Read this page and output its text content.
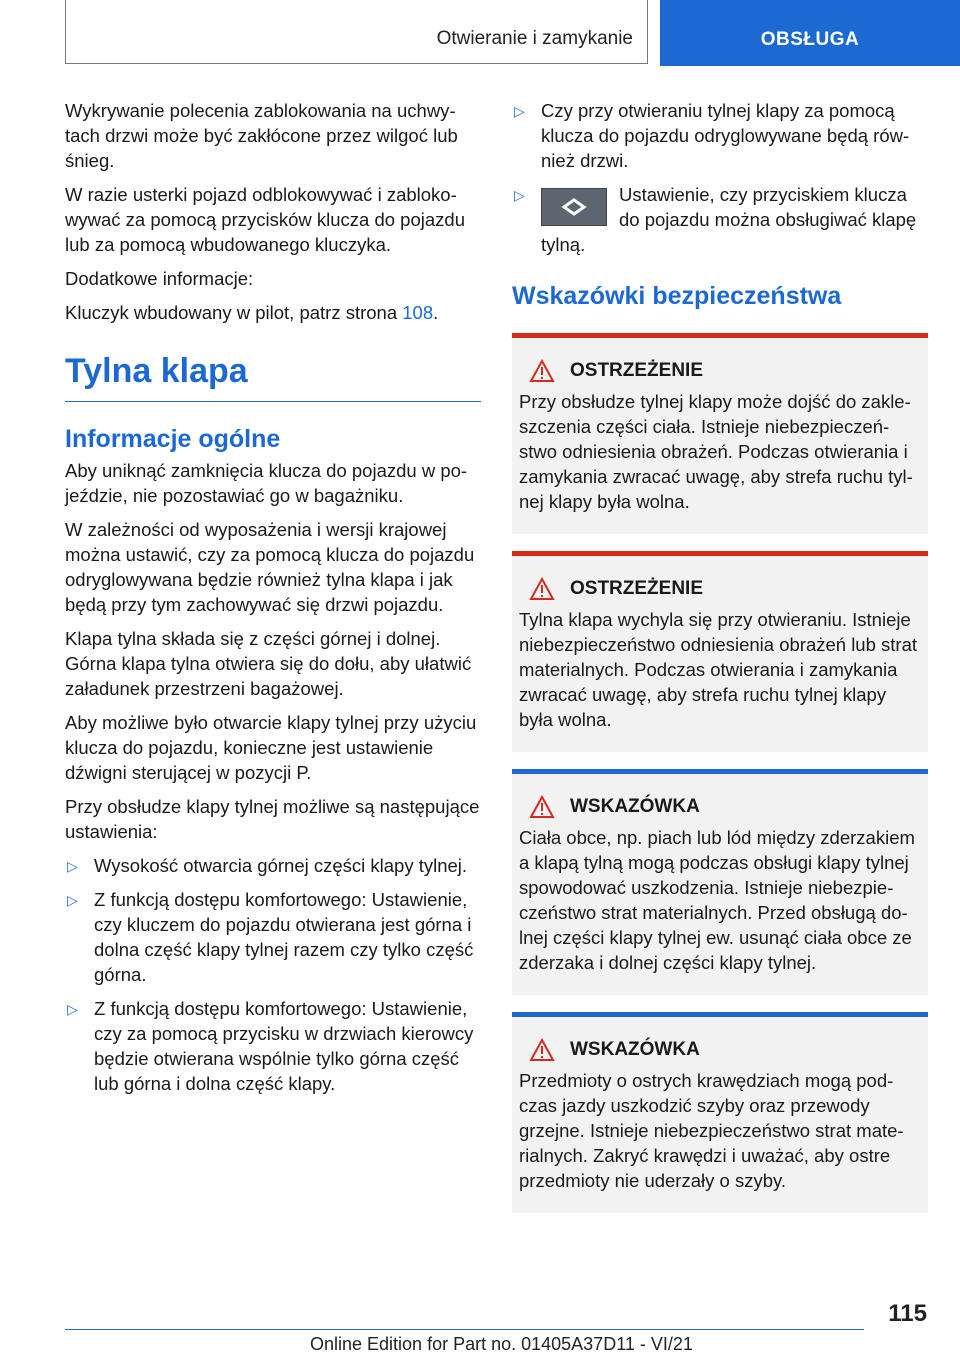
Otwieranie i zamykanie	OBSŁUGA

Wykrywanie polecenia zablokowania na uchwytach drzwi może być zakłócone przez wilgoć lub śnieg.

W razie usterki pojazd odblokowywać i zablokowywać za pomocą przycisków klucza do pojazdu lub za pomocą wbudowanego kluczyka.

Dodatkowe informacje:

Kluczyk wbudowany w pilot, patrz strona 108.

Tylna klapa
Informacje ogólne

Aby uniknąć zamknięcia klucza do pojazdu w pojeździe, nie pozostawiać go w bagażniku.

W zależności od wyposażenia i wersji krajowej można ustawić, czy za pomocą klucza do pojazdu odryglowywana będzie również tylna klapa i jak będą przy tym zachowywać się drzwi pojazdu.

Klapa tylna składa się z części górnej i dolnej. Górna klapa tylna otwiera się do dołu, aby ułatwić załadunek przestrzeni bagażowej.

Aby możliwe było otwarcie klapy tylnej przy użyciu klucza do pojazdu, konieczne jest ustawienie dźwigni sterującej w pozycji P.

Przy obsłudze klapy tylnej możliwe są następujące ustawienia:

▷ Wysokość otwarcia górnej części klapy tylnej.
▷ Z funkcją dostępu komfortowego: Ustawienie, czy kluczem do pojazdu otwierana jest górna i dolna część klapy tylnej razem czy tylko część górna.
▷ Z funkcją dostępu komfortowego: Ustawienie, czy za pomocą przycisku w drzwiach kierowcy będzie otwierana wspólnie tylko górna część lub górna i dolna część klapy.
▷ Czy przy otwieraniu tylnej klapy za pomocą klucza do pojazdu odryglowywane będą również drzwi.
▷	Ustawienie, czy przyciskiem klucza do pojazdu można obsługiwać klapę tylną.
Wskazówki bezpieczeństwa
OSTRZEŻENIE
Przy obsłudze tylnej klapy może dojść do zakleszczenia części ciała. Istnieje niebezpieczeństwo odniesienia obrażeń. Podczas otwierania i zamykania zwracać uwagę, aby strefa ruchu tylnej klapy była wolna.
OSTRZEŻENIE
Tylna klapa wychyla się przy otwieraniu. Istnieje niebezpieczeństwo odniesienia obrażeń lub strat materialnych. Podczas otwierania i zamykania zwracać uwagę, aby strefa ruchu tylnej klapy była wolna.
WSKAZÓWKA
Ciała obce, np. piach lub lód między zderzakiem a klapą tylną mogą podczas obsługi klapy tylnej spowodować uszkodzenia. Istnieje niebezpieczeństwo strat materialnych. Przed obsługą dolnej części klapy tylnej ew. usunąć ciała obce ze zderzaka i dolnej części klapy tylnej.
WSKAZÓWKA
Przedmioty o ostrych krawędziach mogą podczas jazdy uszkodzić szyby oraz przewody grzejne. Istnieje niebezpieczeństwo strat materialnych. Zakryć krawędzi i uważać, aby ostre przedmioty nie uderzały o szyby.
115
Online Edition for Part no. 01405A37D11 - VI/21
